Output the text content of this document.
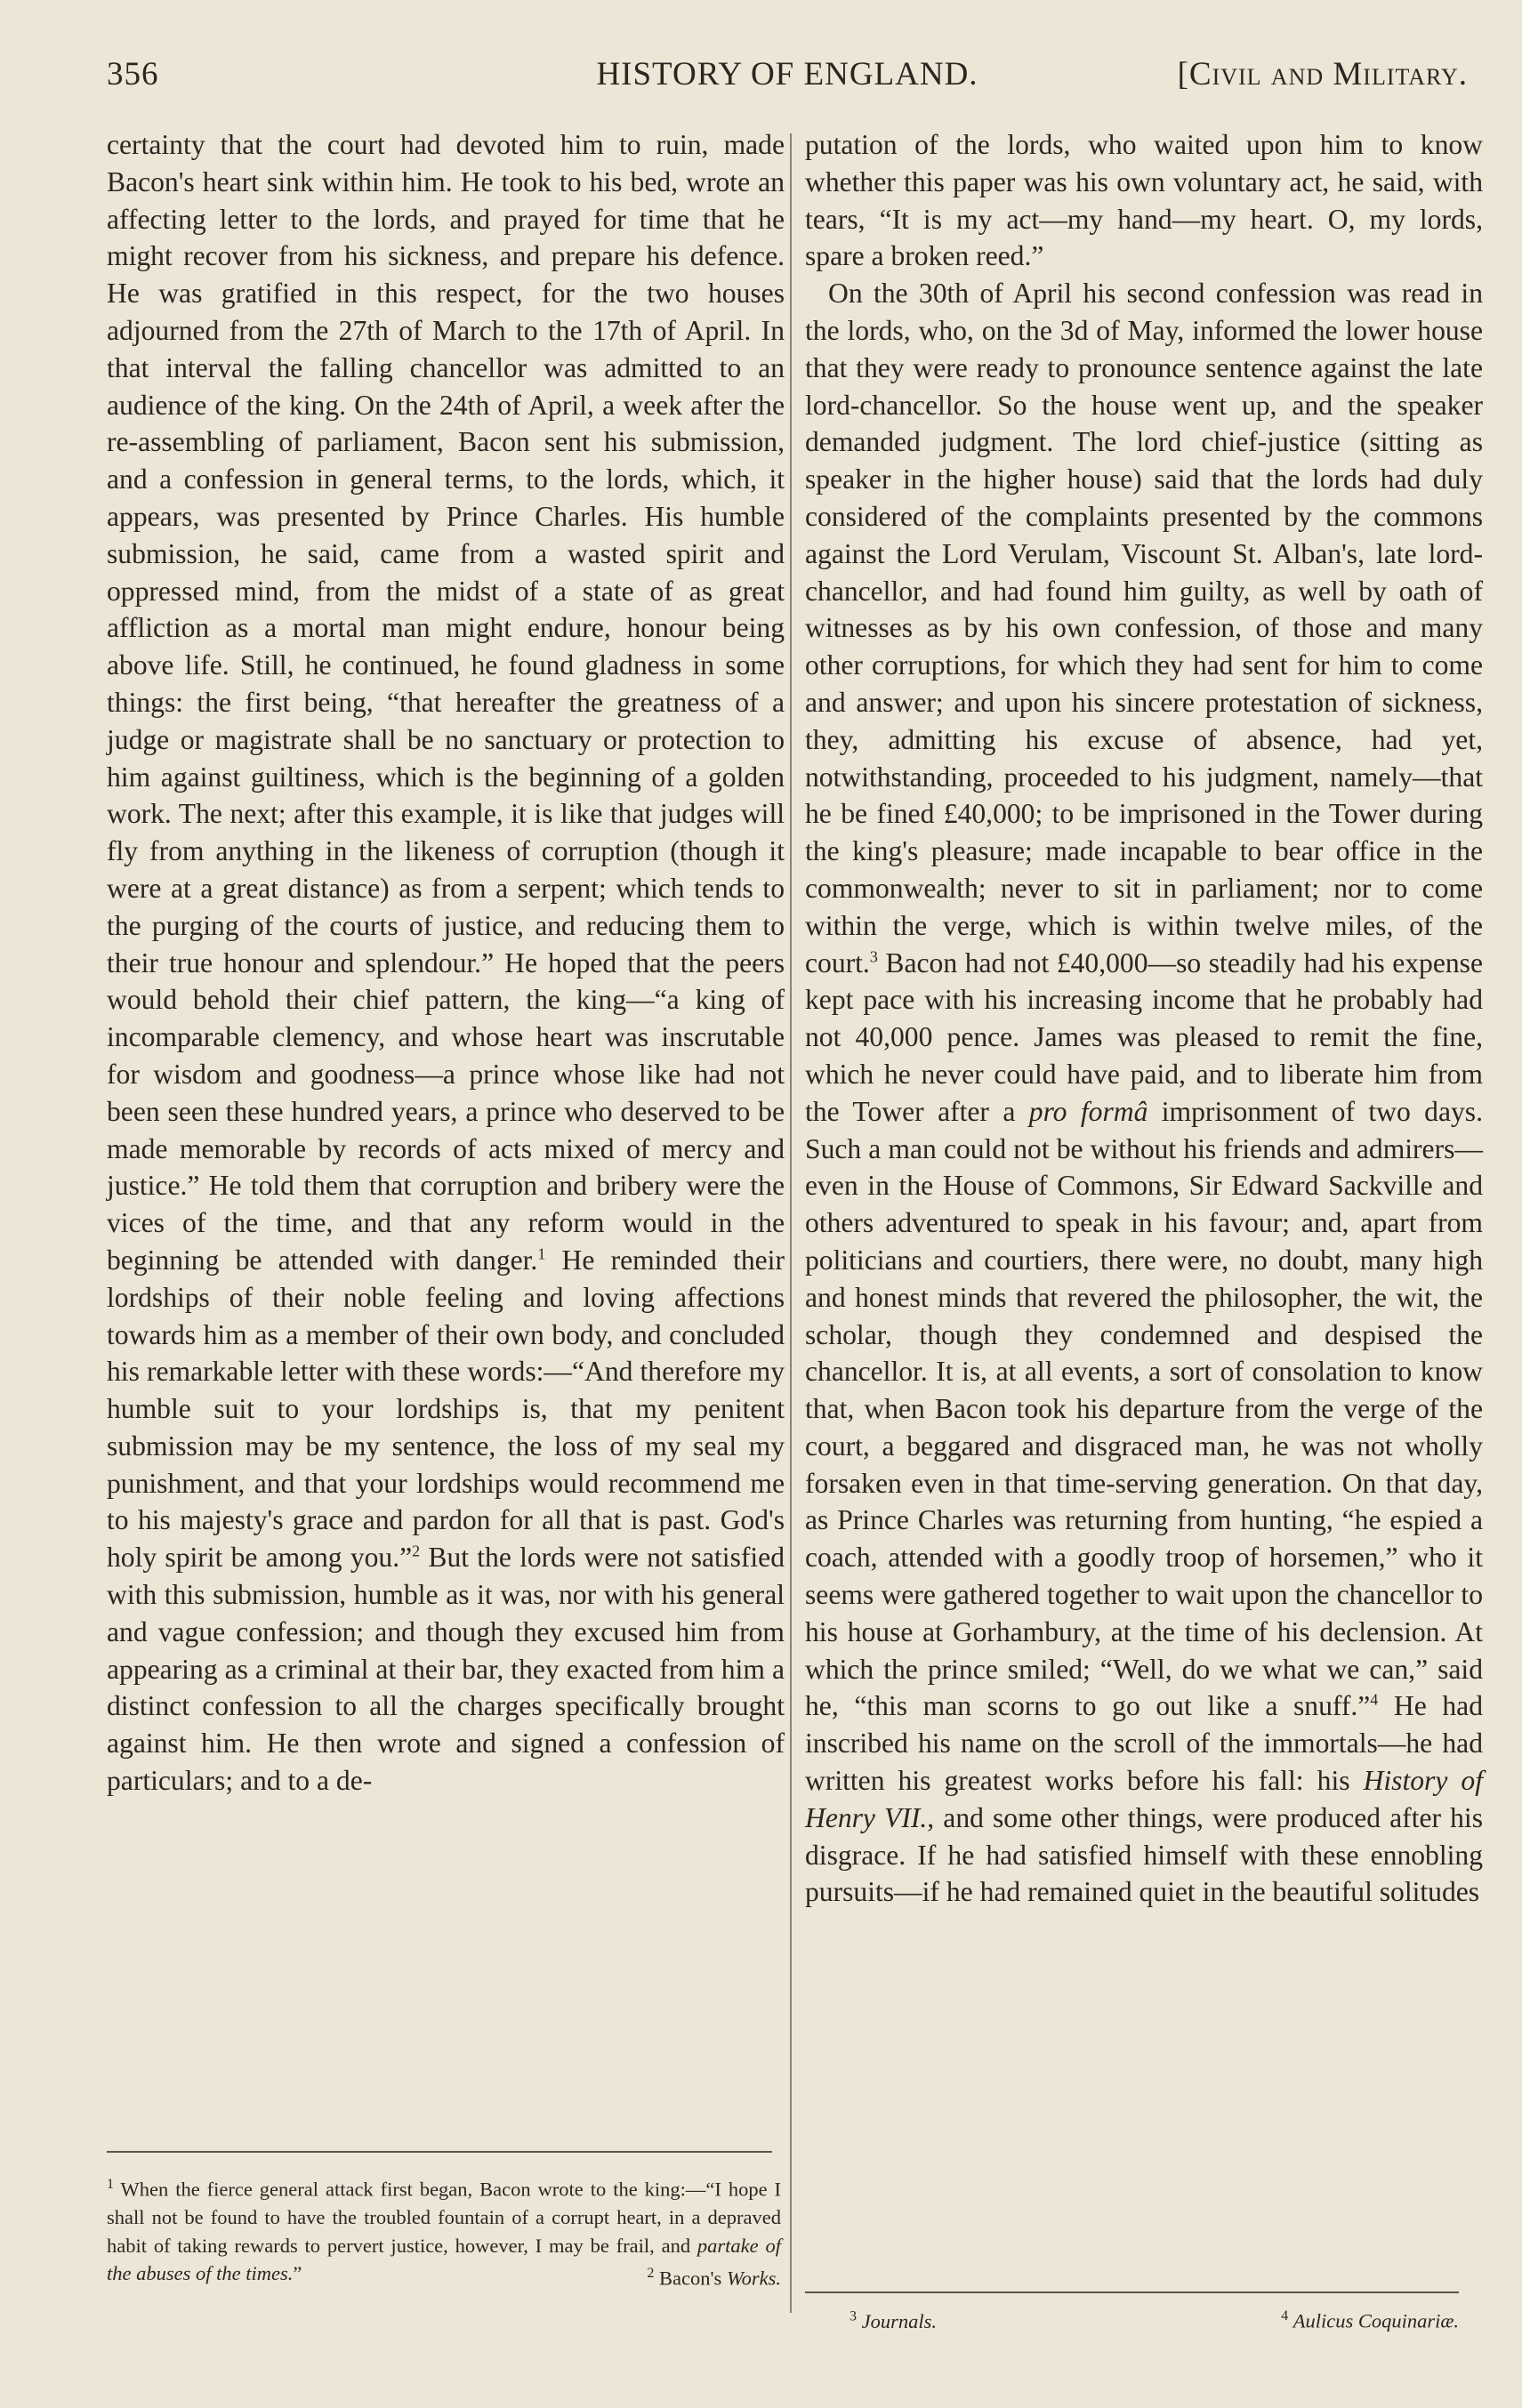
356	HISTORY OF ENGLAND.	[Civil and Military.

certainty that the court had devoted him to ruin, made Bacon's heart sink within him. He took to his bed, wrote an affecting letter to the lords, and prayed for time that he might recover from his sickness, and prepare his defence. He was gratified in this respect, for the two houses adjourned from the 27th of March to the 17th of April. In that interval the falling chancellor was admitted to an audience of the king. On the 24th of April, a week after the re-assembling of parliament, Bacon sent his submission, and a confession in general terms, to the lords, which, it appears, was presented by Prince Charles. His humble submission, he said, came from a wasted spirit and oppressed mind, from the midst of a state of as great affliction as a mortal man might endure, honour being above life. Still, he continued, he found gladness in some things: the first being, “that hereafter the greatness of a judge or magistrate shall be no sanctuary or protection to him against guiltiness, which is the beginning of a golden work. The next; after this example, it is like that judges will fly from anything in the likeness of corruption (though it were at a great distance) as from a serpent; which tends to the purging of the courts of justice, and reducing them to their true honour and splendour.” He hoped that the peers would behold their chief pattern, the king—“a king of incomparable clemency, and whose heart was inscrutable for wisdom and goodness—a prince whose like had not been seen these hundred years, a prince who deserved to be made memorable by records of acts mixed of mercy and justice.” He told them that corruption and bribery were the vices of the time, and that any reform would in the beginning be attended with danger.$^1$ He reminded their lordships of their noble feeling and loving affections towards him as a member of their own body, and concluded his remarkable letter with these words:—“And therefore my humble suit to your lordships is, that my penitent submission may be my sentence, the loss of my seal my punishment, and that your lordships would recommend me to his majesty's grace and pardon for all that is past. God's holy spirit be among you.”$^2$ But the lords were not satisfied with this submission, humble as it was, nor with his general and vague confession; and though they excused him from appearing as a criminal at their bar, they exacted from him a distinct confession to all the charges specifically brought against him. He then wrote and signed a confession of particulars; and to a de-

putation of the lords, who waited upon him to know whether this paper was his own voluntary act, he said, with tears, “It is my act—my hand—my heart. O, my lords, spare a broken reed.”

On the 30th of April his second confession was read in the lords, who, on the 3d of May, informed the lower house that they were ready to pronounce sentence against the late lord-chancellor. So the house went up, and the speaker demanded judgment. The lord chief-justice (sitting as speaker in the higher house) said that the lords had duly considered of the complaints presented by the commons against the Lord Verulam, Viscount St. Alban's, late lord-chancellor, and had found him guilty, as well by oath of witnesses as by his own confession, of those and many other corruptions, for which they had sent for him to come and answer; and upon his sincere protestation of sickness, they, admitting his excuse of absence, had yet, notwithstanding, proceeded to his judgment, namely—that he be fined £40,000; to be imprisoned in the Tower during the king's pleasure; made incapable to bear office in the commonwealth; never to sit in parliament; nor to come within the verge, which is within twelve miles, of the court.$^3$ Bacon had not £40,000—so steadily had his expense kept pace with his increasing income that he probably had not 40,000 pence. James was pleased to remit the fine, which he never could have paid, and to liberate him from the Tower after a pro formâ imprisonment of two days. Such a man could not be without his friends and admirers—even in the House of Commons, Sir Edward Sackville and others adventured to speak in his favour; and, apart from politicians and courtiers, there were, no doubt, many high and honest minds that revered the philosopher, the wit, the scholar, though they condemned and despised the chancellor. It is, at all events, a sort of consolation to know that, when Bacon took his departure from the verge of the court, a beggared and disgraced man, he was not wholly forsaken even in that time-serving generation. On that day, as Prince Charles was returning from hunting, “he espied a coach, attended with a goodly troop of horsemen,” who it seems were gathered together to wait upon the chancellor to his house at Gorhambury, at the time of his declension. At which the prince smiled; “Well, do we what we can,” said he, “this man scorns to go out like a snuff.”$^4$ He had inscribed his name on the scroll of the immortals—he had written his greatest works before his fall: his History of Henry VII., and some other things, were produced after his disgrace. If he had satisfied himself with these ennobling pursuits—if he had remained quiet in the beautiful solitudes

$^1$ When the fierce general attack first began, Bacon wrote to the king:—“I hope I shall not be found to have the troubled fountain of a corrupt heart, in a depraved habit of taking rewards to pervert justice, however, I may be frail, and partake of the abuses of the times.”	$^2$ Bacon's Works.
$^3$ Journals.	$^4$ Aulicus Coquinariæ.
